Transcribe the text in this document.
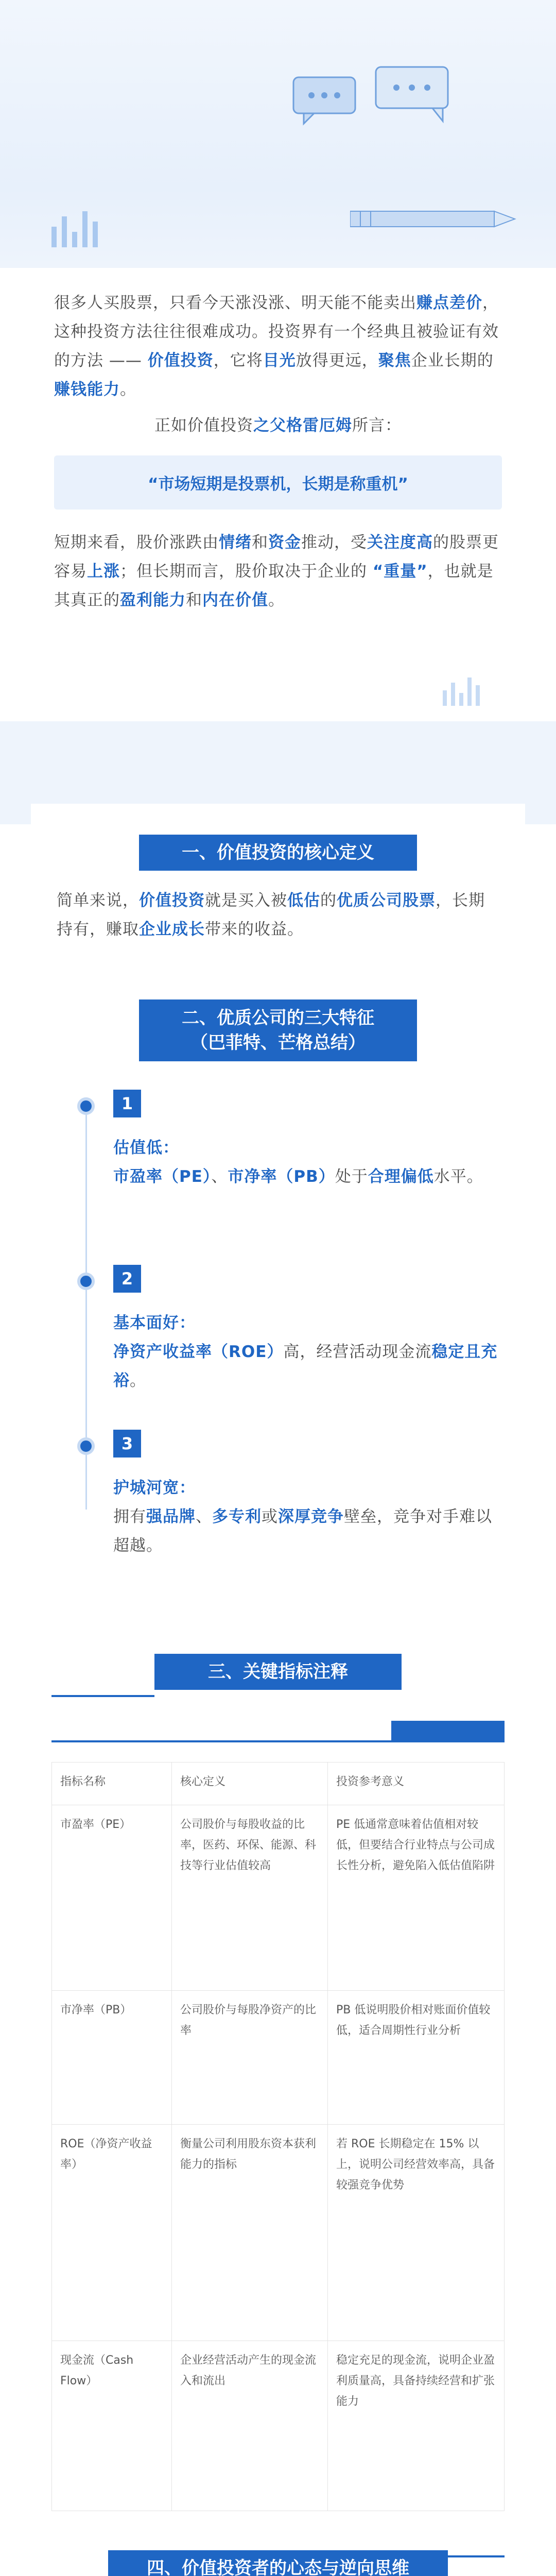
很多人买股票，只看今天涨没涨、明天能不能卖出赚点差价，这种投资方法往往很难成功。投资界有一个经典且被验证有效的方法 —— 价值投资，它将目光放得更远，聚焦企业长期的赚钱能力。

正如价值投资之父格雷厄姆所言：

“市场短期是投票机，长期是称重机”

短期来看，股价涨跌由情绪和资金推动，受关注度高的股票更容易上涨；但长期而言，股价取决于企业的 “重量”，也就是其真正的盈利能力和内在价值。

一、价值投资的核心定义

简单来说，价值投资就是买入被低估的优质公司股票，长期持有，赚取企业成长带来的收益。

二、优质公司的三大特征
（巴菲特、芒格总结）
1

估值低：

市盈率（PE）、市净率（PB）处于合理偏低水平。

2

基本面好：

净资产收益率（ROE）高，经营活动现金流稳定且充裕。

3

护城河宽：

拥有强品牌、多专利或深厚竞争壁垒，竞争对手难以超越。

三、关键指标注释
指标名称	核心定义	投资参考意义
市盈率（PE）	公司股价与每股收益的比率，医药、环保、能源、科技等行业估值较高	PE 低通常意味着估值相对较低，但要结合行业特点与公司成长性分析，避免陷入低估值陷阱
市净率（PB）	公司股价与每股净资产的比率	PB 低说明股价相对账面价值较低，适合周期性行业分析
ROE（净资产收益率）	衡量公司利用股东资本获利能力的指标	若 ROE 长期稳定在 15% 以上，说明公司经营效率高，具备较强竞争优势
现金流（Cash Flow）	企业经营活动产生的现金流入和流出	稳定充足的现金流，说明企业盈利质量高，具备持续经营和扩张能力
四、价值投资者的心态与逆向思维
